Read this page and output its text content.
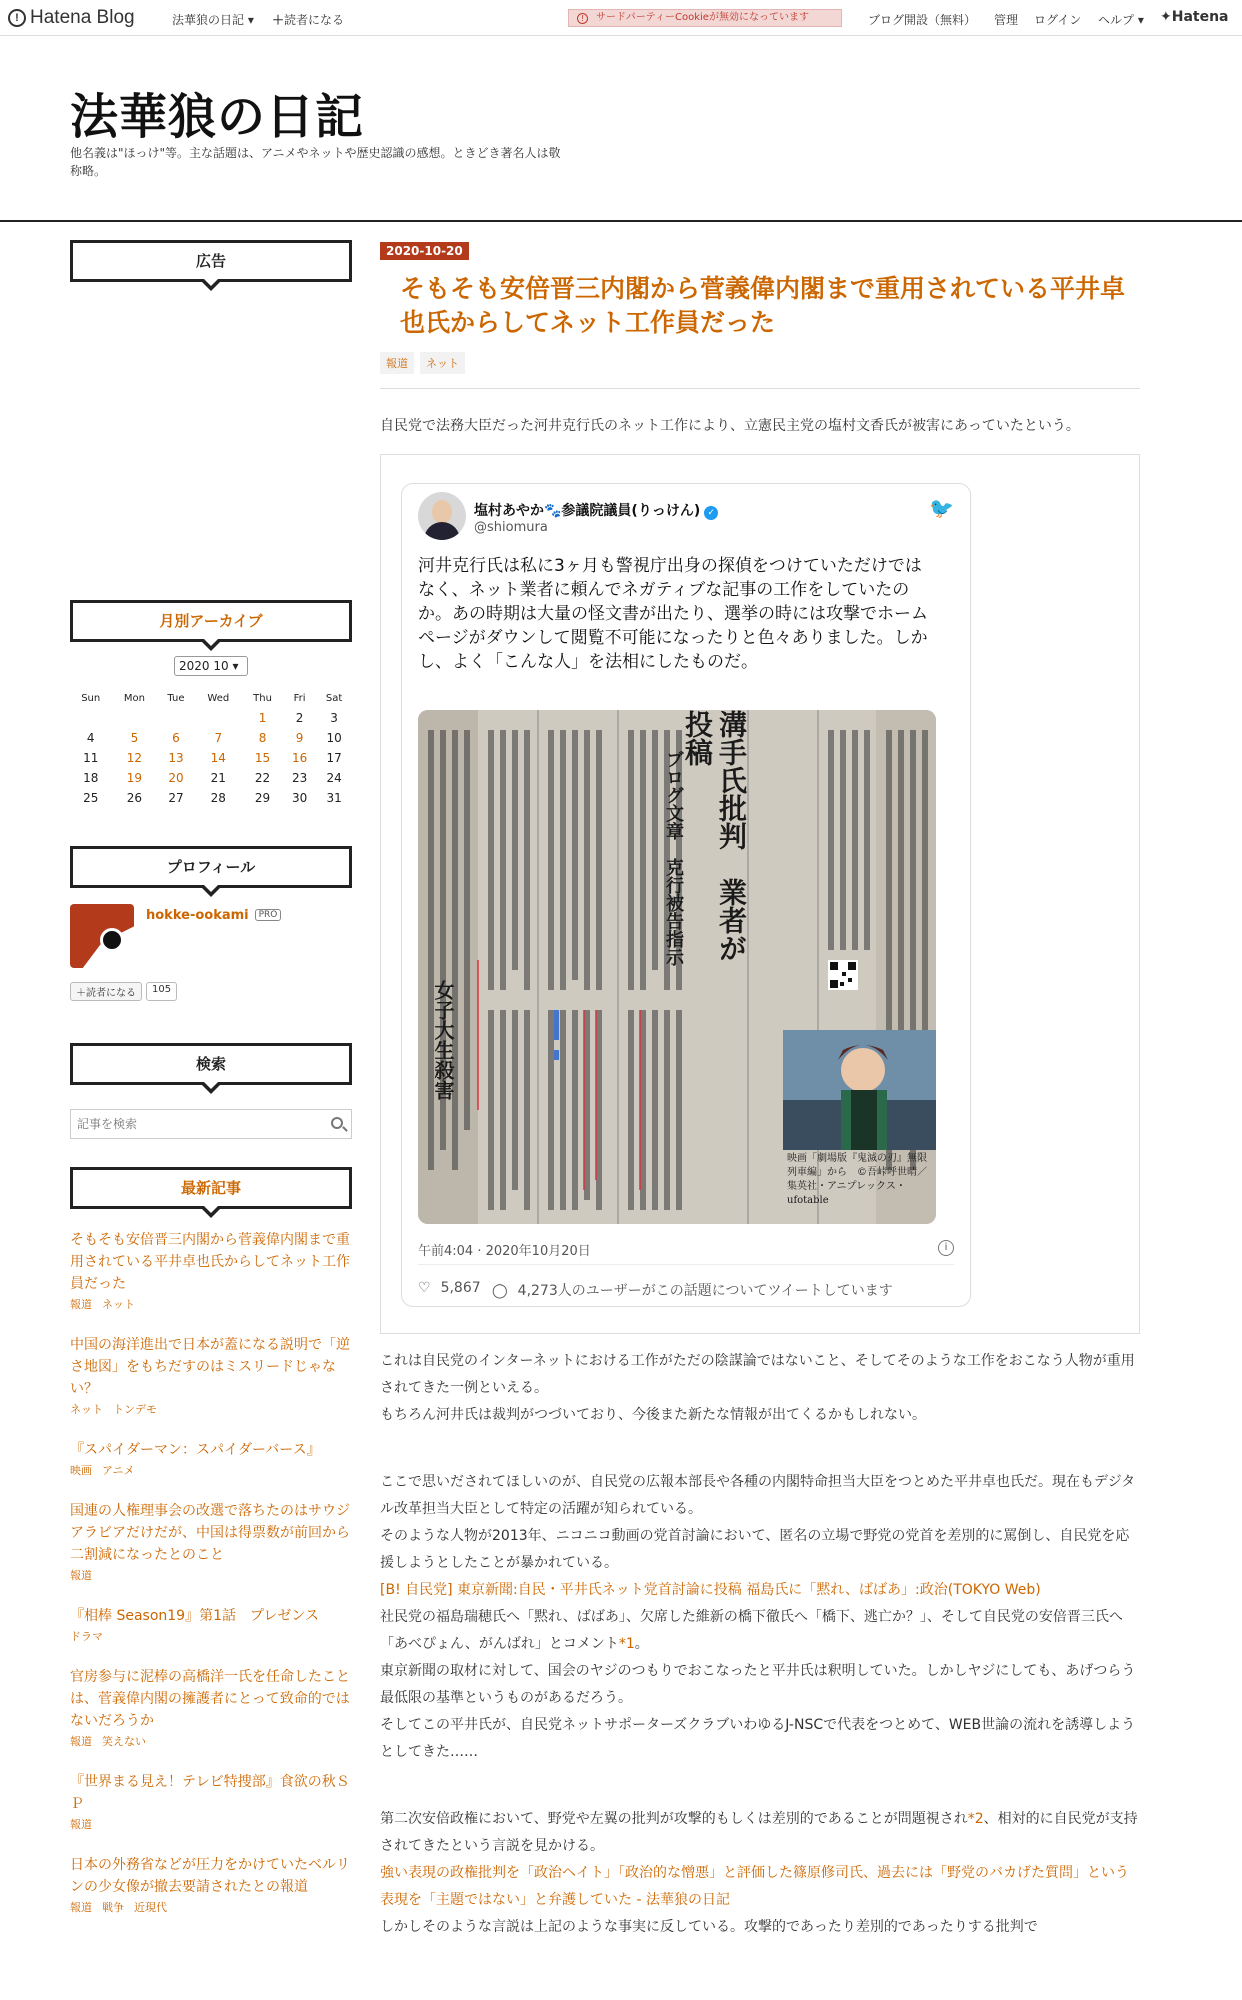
! Hatena Blog	法華狼の日記 ▾ ＋読者になる	! サードパーティーCookieが無効になっています	ブログ開設（無料） 管理 ログイン ヘルプ ▾ ✦Hatena
法華狼の日記
他名義は"ほっけ"等。主な話題は、アニメやネットや歴史認識の感想。ときどき著名人は敬称略。
広告
月別アーカイブ
2020 10 ▾
Sun	Mon	Tue	Wed	Thu	Fri	Sat
				1	2	3
4	5	6	7	8	9	10
11	12	13	14	15	16	17
18	19	20	21	22	23	24
25	26	27	28	29	30	31
プロフィール
hokke-ookami PRO
＋読者になる	105
検索
記事を検索
最新記事
そもそも安倍晋三内閣から菅義偉内閣まで重用されている平井卓也氏からしてネット工作員だった
報道 ネット
中国の海洋進出で日本が蓋になる説明で「逆さ地図」をもちだすのはミスリードじゃない？
ネット トンデモ
『スパイダーマン：スパイダーバース』
映画 アニメ
国連の人権理事会の改選で落ちたのはサウジアラビアだけだが、中国は得票数が前回から二割減になったとのこと
報道
『相棒 Season19』第1話　プレゼンス
ドラマ
官房参与に泥棒の高橋洋一氏を任命したことは、菅義偉内閣の擁護者にとって致命的ではないだろうか
報道 笑えない
『世界まる見え！テレビ特捜部』食欲の秋ＳＰ
報道
日本の外務省などが圧力をかけていたベルリンの少女像が撤去要請されたとの報道
報道 戦争 近現代
2020-10-20
そもそも安倍晋三内閣から菅義偉内閣まで重用されている平井卓也氏からしてネット工作員だった
報道	ネット
自民党で法務大臣だった河井克行氏のネット工作により、立憲民主党の塩村文香氏が被害にあっていたという。
塩村あやか🐾参議院議員(りっけん) ✓
@shiomura
🐦
河井克行氏は私に3ヶ月も警視庁出身の探偵をつけていただけではなく、ネット業者に頼んでネガティブな記事の工作をしていたのか。あの時期は大量の怪文書が出たり、選挙の時には攻撃でホームページがダウンして閲覧不可能になったりと色々ありました。しかし、よく「こんな人」を法相にしたものだ。
溝手氏批判　業者が投稿
ブログ文章　克行被告指示
女子大生殺害
映画「劇場版『鬼滅の刃』無限列車編」から　©吾峠呼世晴／集英社・アニプレックス・ufotable
午前4:04 · 2020年10月20日	i
♡ 5,867 ◯ 4,273人のユーザーがこの話題についてツイートしています
これは自民党のインターネットにおける工作がただの陰謀論ではないこと、そしてそのような工作をおこなう人物が重用されてきた一例といえる。
もちろん河井氏は裁判がつづいており、今後また新たな情報が出てくるかもしれない。
ここで思いだされてほしいのが、自民党の広報本部長や各種の内閣特命担当大臣をつとめた平井卓也氏だ。現在もデジタル改革担当大臣として特定の活躍が知られている。
そのような人物が2013年、ニコニコ動画の党首討論において、匿名の立場で野党の党首を差別的に罵倒し、自民党を応援しようとしたことが暴かれている。
[B! 自民党] 東京新聞:自民・平井氏ネット党首討論に投稿 福島氏に「黙れ、ばばあ」:政治(TOKYO Web)
社民党の福島瑞穂氏へ「黙れ、ばばあ」、欠席した維新の橋下徹氏へ「橋下、逃亡か？」、そして自民党の安倍晋三氏へ「あべぴょん、がんばれ」とコメント*1。
東京新聞の取材に対して、国会のヤジのつもりでおこなったと平井氏は釈明していた。しかしヤジにしても、あげつらう最低限の基準というものがあるだろう。
そしてこの平井氏が、自民党ネットサポーターズクラブいわゆるJ-NSCで代表をつとめて、WEB世論の流れを誘導しようとしてきた……
第二次安倍政権において、野党や左翼の批判が攻撃的もしくは差別的であることが問題視され*2、相対的に自民党が支持されてきたという言説を見かける。
強い表現の政権批判を「政治ヘイト」「政治的な憎悪」と評価した篠原修司氏、過去には「野党のバカげた質問」という表現を「主題ではない」と弁護していた - 法華狼の日記
しかしそのような言説は上記のような事実に反している。攻撃的であったり差別的であったりする批判で
